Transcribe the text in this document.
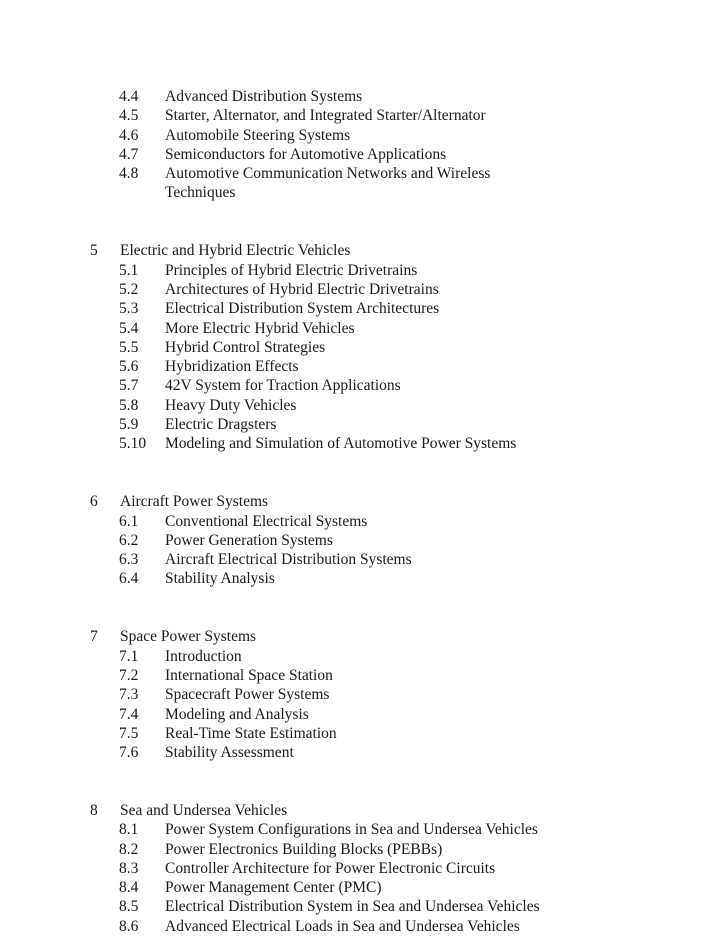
4.4 Advanced Distribution Systems
4.5 Starter, Alternator, and Integrated Starter/Alternator
4.6 Automobile Steering Systems
4.7 Semiconductors for Automotive Applications
4.8 Automotive Communication Networks and Wireless
Techniques
5 Electric and Hybrid Electric Vehicles
5.1 Principles of Hybrid Electric Drivetrains
5.2 Architectures of Hybrid Electric Drivetrains
5.3 Electrical Distribution System Architectures
5.4 More Electric Hybrid Vehicles
5.5 Hybrid Control Strategies
5.6 Hybridization Effects
5.7 42V System for Traction Applications
5.8 Heavy Duty Vehicles
5.9 Electric Dragsters
5.10 Modeling and Simulation of Automotive Power Systems
6 Aircraft Power Systems
6.1 Conventional Electrical Systems
6.2 Power Generation Systems
6.3 Aircraft Electrical Distribution Systems
6.4 Stability Analysis
7 Space Power Systems
7.1 Introduction
7.2 International Space Station
7.3 Spacecraft Power Systems
7.4 Modeling and Analysis
7.5 Real-Time State Estimation
7.6 Stability Assessment
8 Sea and Undersea Vehicles
8.1 Power System Configurations in Sea and Undersea Vehicles
8.2 Power Electronics Building Blocks (PEBBs)
8.3 Controller Architecture for Power Electronic Circuits
8.4 Power Management Center (PMC)
8.5 Electrical Distribution System in Sea and Undersea Vehicles
8.6 Advanced Electrical Loads in Sea and Undersea Vehicles
